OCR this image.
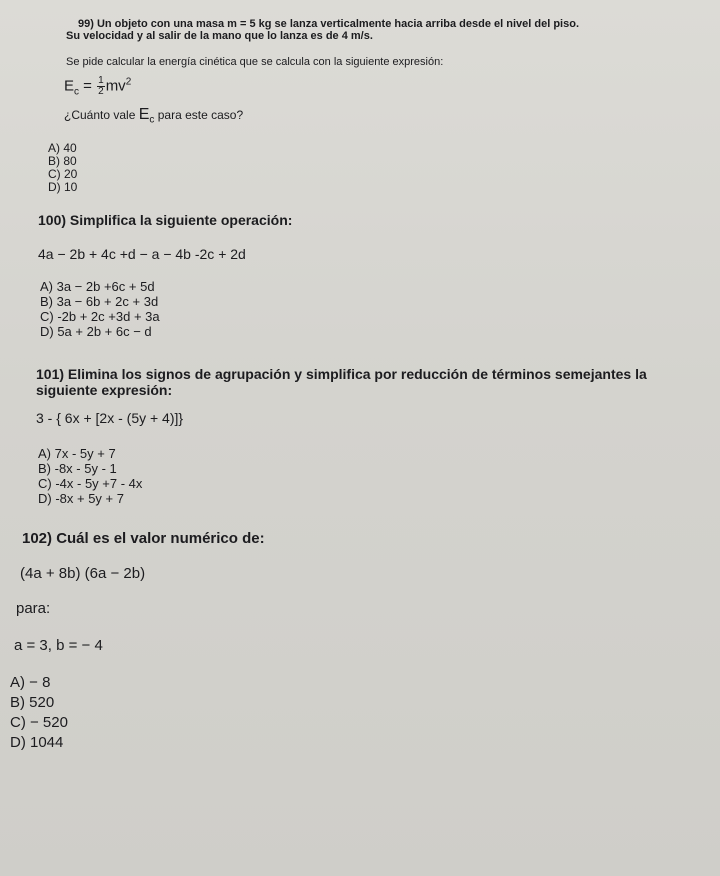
99) Un objeto con una masa m = 5 kg se lanza verticalmente hacia arriba desde el nivel del piso.
Su velocidad y al salir de la mano que lo lanza es de 4 m/s.
Se pide calcular la energía cinética que se calcula con la siguiente expresión:
$E_c = \frac{1}{2} mv^2$
¿Cuánto vale $E_c$ para este caso?
A) 40
B) 80
C) 20
D) 10
100) Simplifica la siguiente operación:
4a − 2b + 4c +d − a − 4b -2c + 2d
A) 3a − 2b +6c + 5d
B) 3a − 6b + 2c + 3d
C) -2b + 2c +3d + 3a
D) 5a + 2b + 6c − d
101) Elimina los signos de agrupación y simplifica por reducción de términos semejantes la
siguiente expresión:
3 - { 6x + [2x - (5y + 4)]}
A) 7x - 5y + 7
B) -8x - 5y - 1
C) -4x - 5y +7 - 4x
D) -8x + 5y + 7
102) Cuál es el valor numérico de:
(4a + 8b) (6a − 2b)
para:
a = 3, b = − 4
A) − 8
B) 520
C) − 520
D) 1044
